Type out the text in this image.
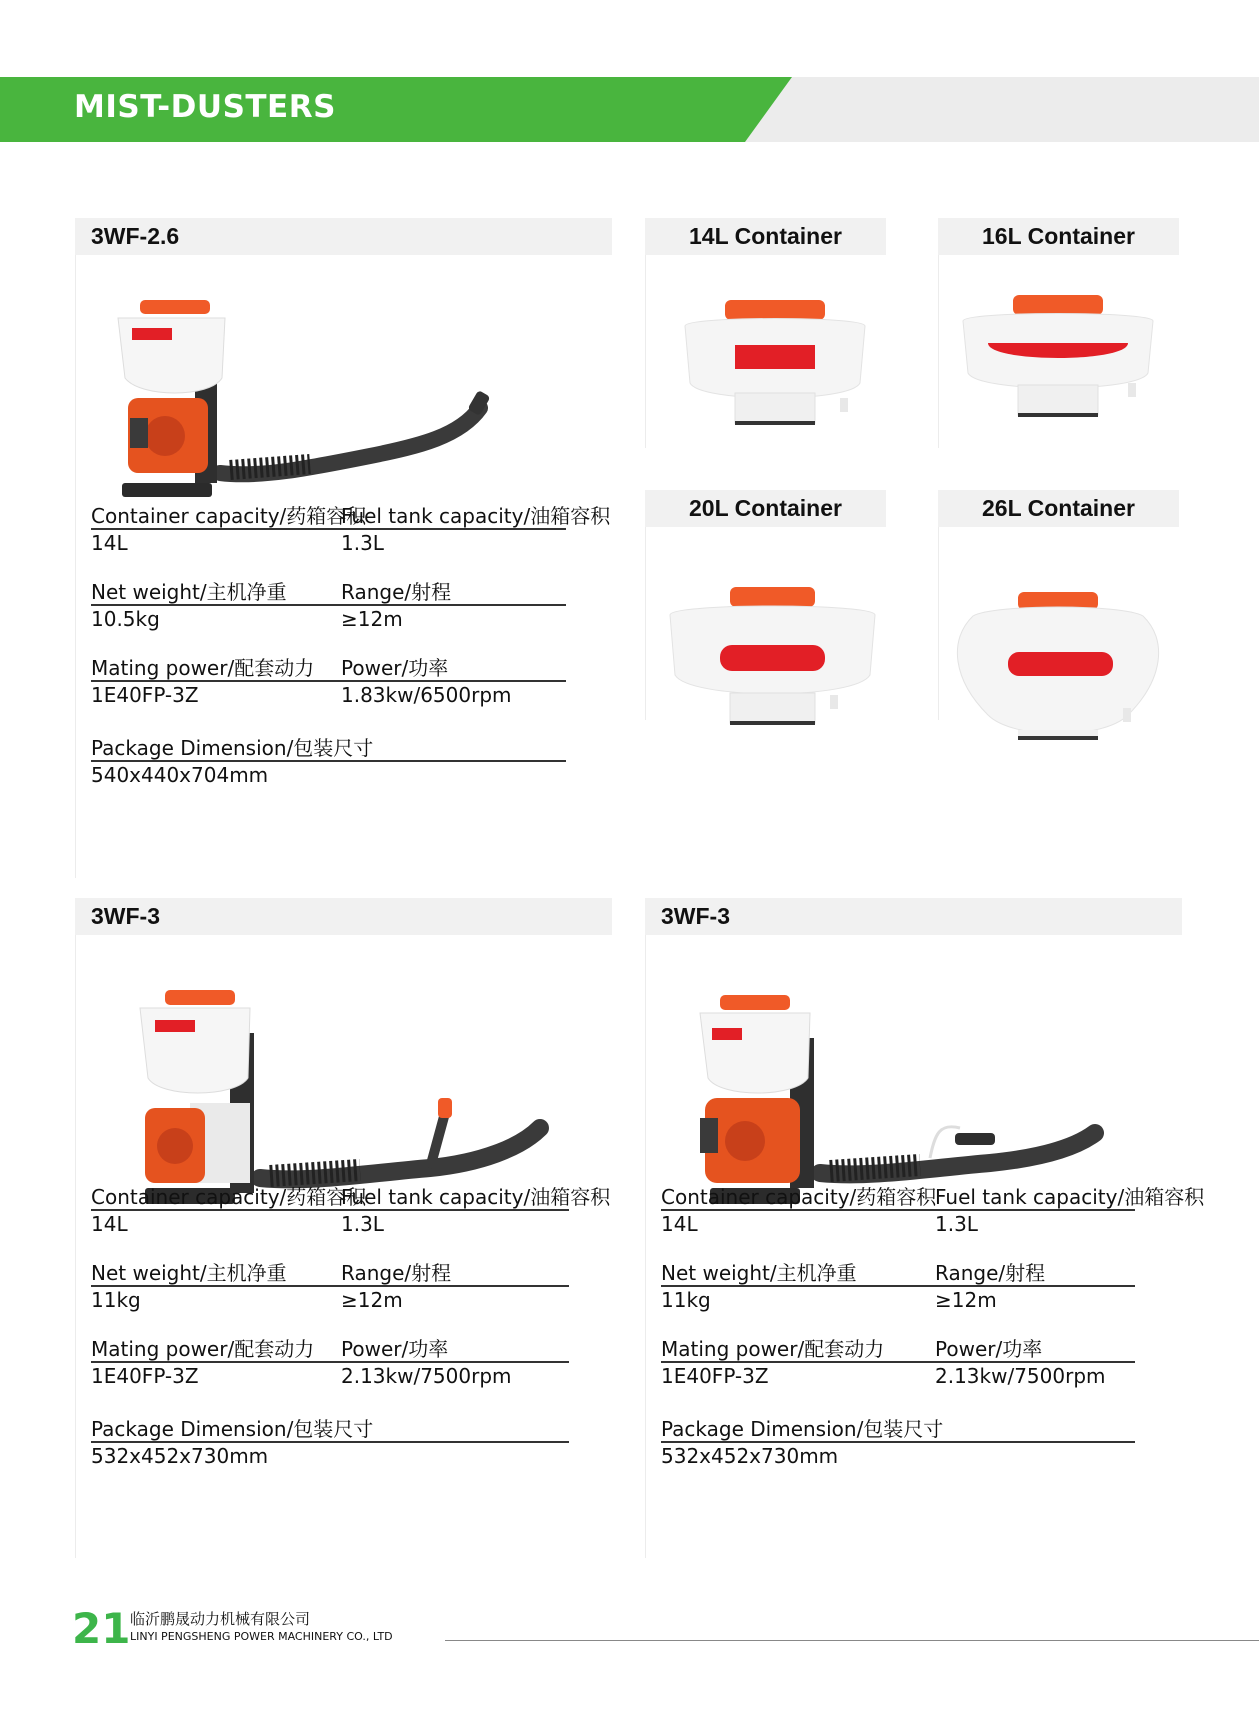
MIST-DUSTERS
3WF-2.6
Container capacity/药箱容积
Fuel tank capacity/油箱容积
14L	1.3L
Net weight/主机净重	Range/射程
10.5kg	≥12m
Mating power/配套动力 Power/功率
1E40FP-3Z	1.83kw/6500rpm
Package Dimension/包装尺寸
540x440x704mm
14L Container	16L Container
20L Container	26L Container
3WF-3
Container capacity/药箱容积
Fuel tank capacity/油箱容积
14L	1.3L
Net weight/主机净重	Range/射程
11kg	≥12m
Mating power/配套动力 Power/功率
1E40FP-3Z	2.13kw/7500rpm
Package Dimension/包装尺寸
532x452x730mm
3WF-3
Container capacity/药箱容积
Fuel tank capacity/油箱容积
14L	1.3L
Net weight/主机净重	Range/射程
11kg	≥12m
Mating power/配套动力	Power/功率
1E40FP-3Z	2.13kw/7500rpm
Package Dimension/包装尺寸
532x452x730mm
21 临沂鹏晟动力机械有限公司
LINYI PENGSHENG POWER MACHINERY CO., LTD
